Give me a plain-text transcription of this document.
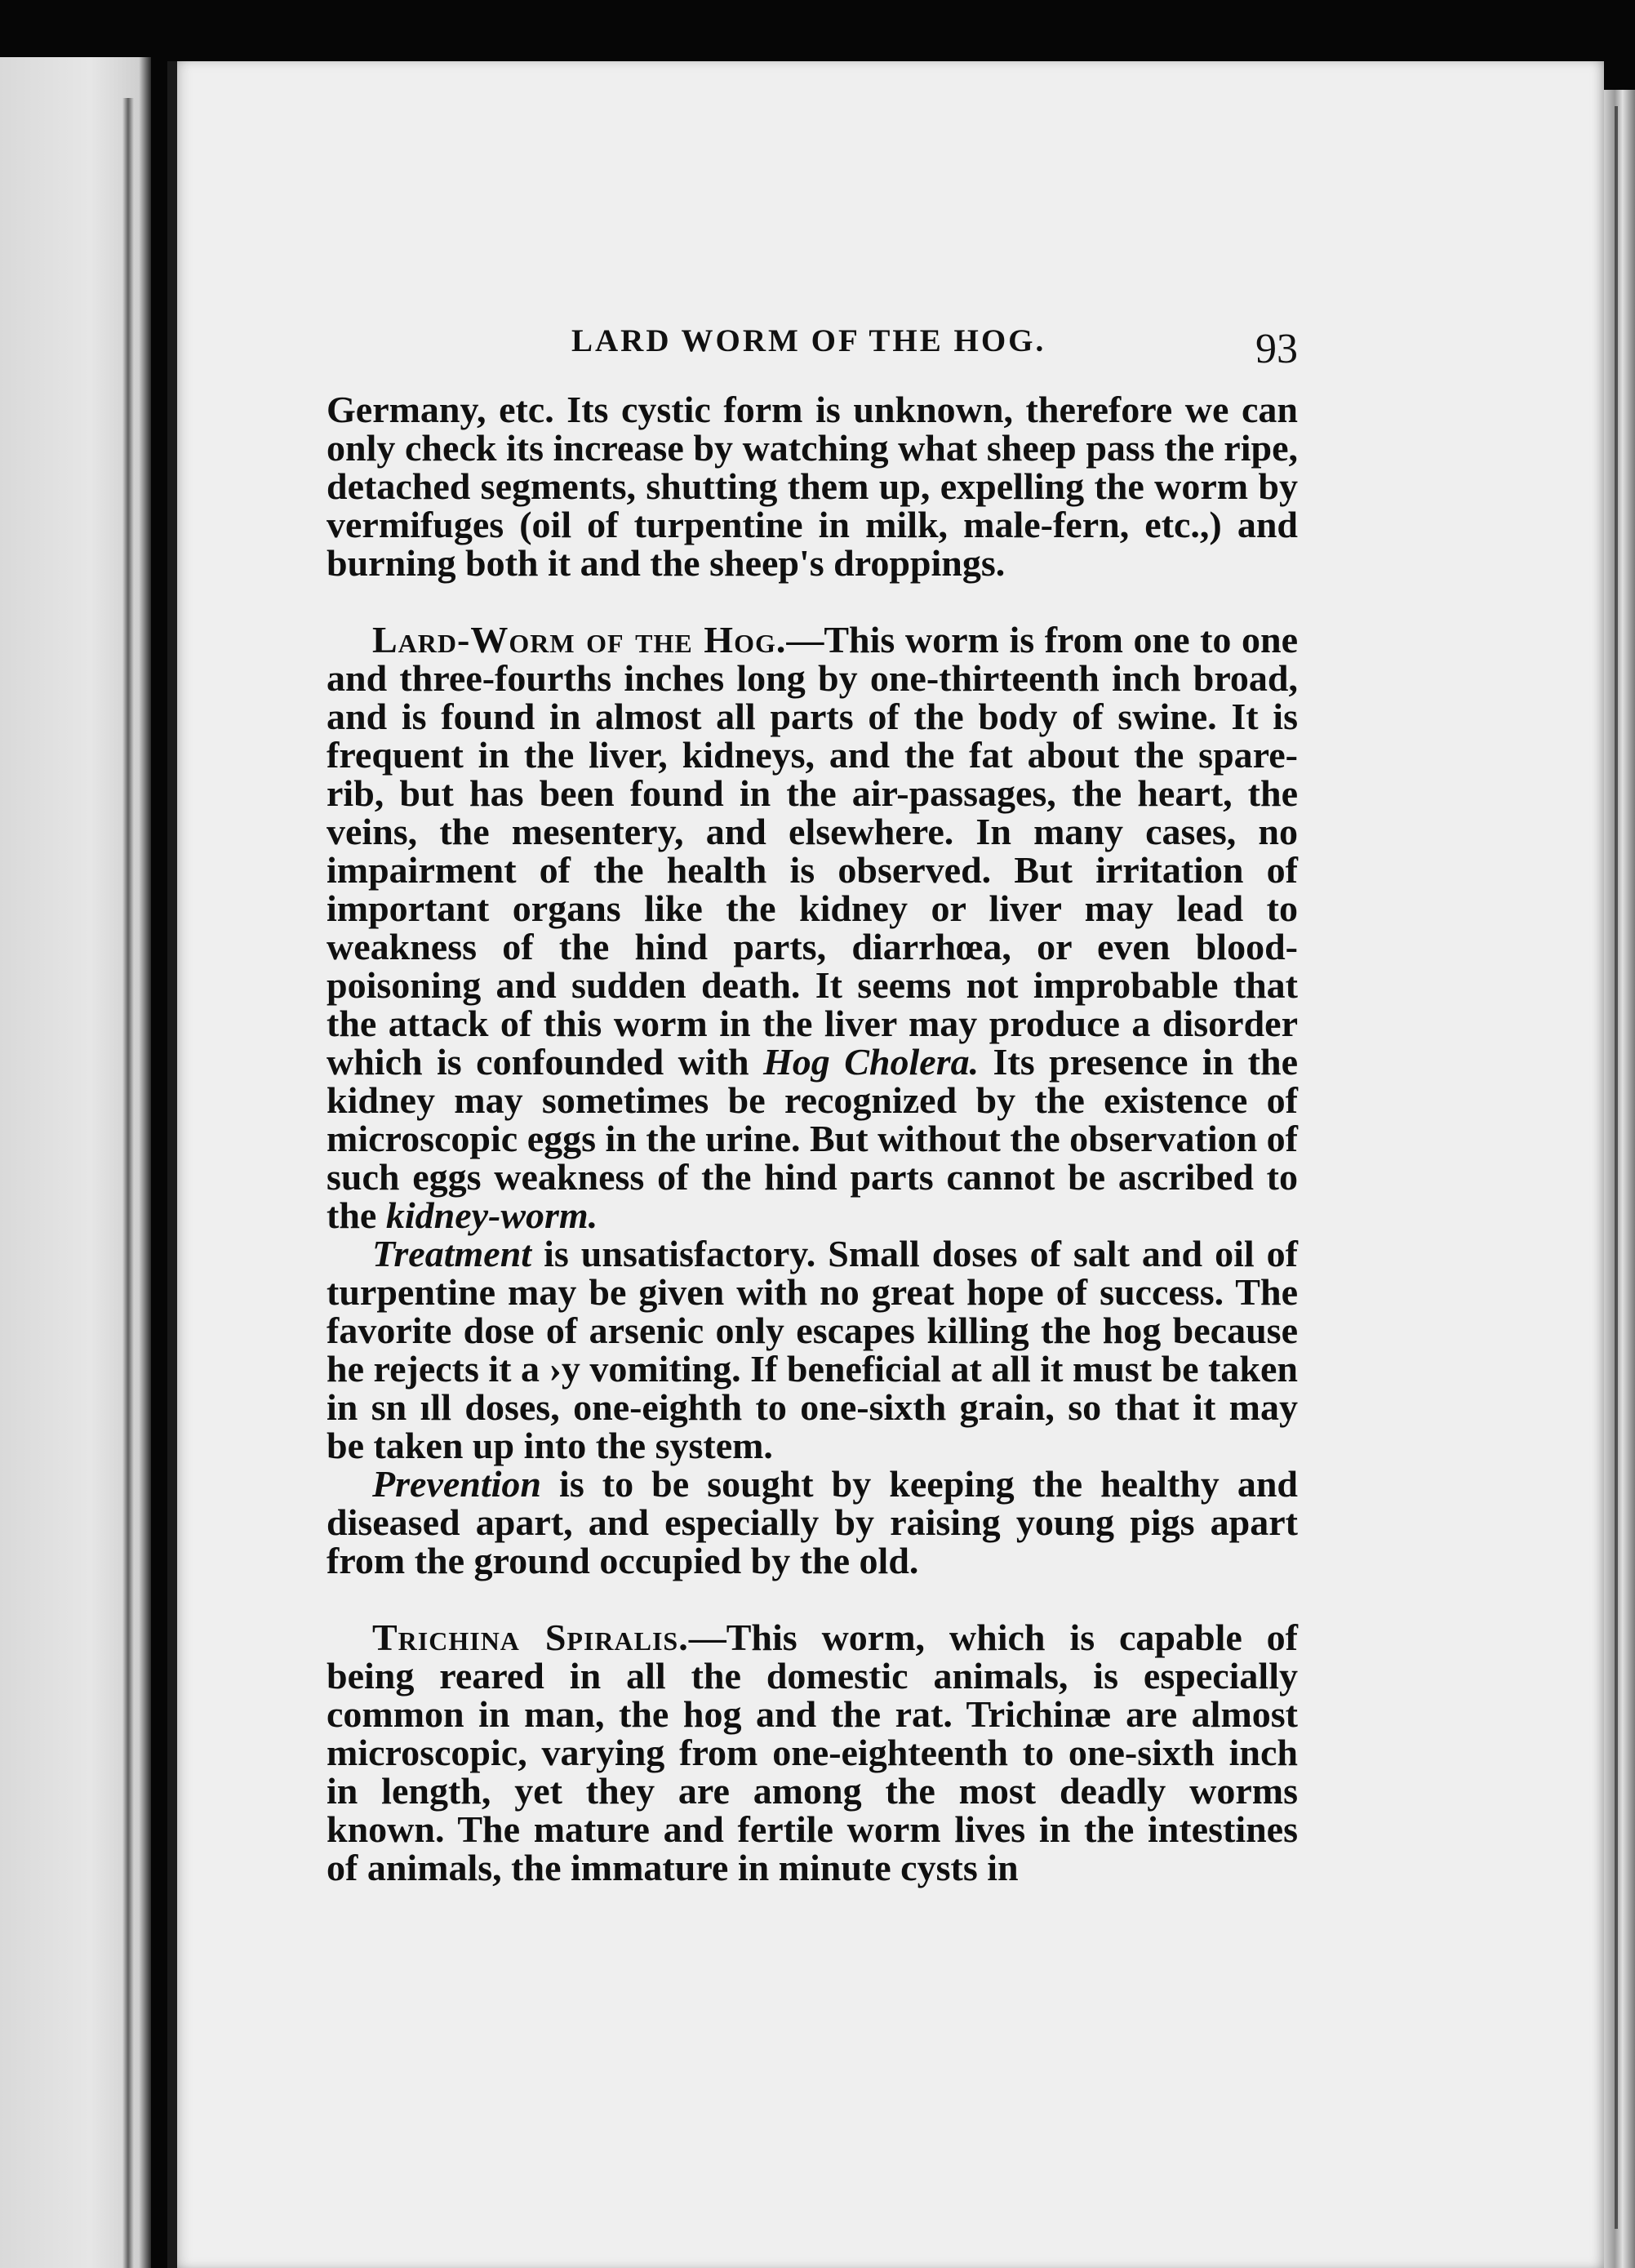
LARD WORM OF THE HOG.	93

Germany, etc. Its cystic form is unknown, therefore we can only check its increase by watching what sheep pass the ripe, detached segments, shutting them up, expelling the worm by vermifuges (oil of turpentine in milk, male-fern, etc.,) and burning both it and the sheep's droppings.

Lard-Worm of the Hog.—This worm is from one to one and three-fourths inches long by one-thirteenth inch broad, and is found in almost all parts of the body of swine. It is frequent in the liver, kidneys, and the fat about the spare-rib, but has been found in the air-passages, the heart, the veins, the mesentery, and elsewhere. In many cases, no impairment of the health is observed. But irritation of important organs like the kidney or liver may lead to weakness of the hind parts, diarrhœa, or even blood-poisoning and sudden death. It seems not improbable that the attack of this worm in the liver may produce a disorder which is confounded with Hog Cholera. Its presence in the kidney may sometimes be recognized by the existence of microscopic eggs in the urine. But without the observation of such eggs weakness of the hind parts cannot be ascribed to the kidney-worm.

Treatment is unsatisfactory. Small doses of salt and oil of turpentine may be given with no great hope of success. The favorite dose of arsenic only escapes killing the hog because he rejects it a ›y vomiting. If beneficial at all it must be taken in sn ıll doses, one-eighth to one-sixth grain, so that it may be taken up into the system.

Prevention is to be sought by keeping the healthy and diseased apart, and especially by raising young pigs apart from the ground occupied by the old.

Trichina Spiralis.—This worm, which is capable of being reared in all the domestic animals, is especially common in man, the hog and the rat. Trichinæ are almost microscopic, varying from one-eighteenth to one-sixth inch in length, yet they are among the most deadly worms known. The mature and fertile worm lives in the intestines of animals, the immature in minute cysts in
